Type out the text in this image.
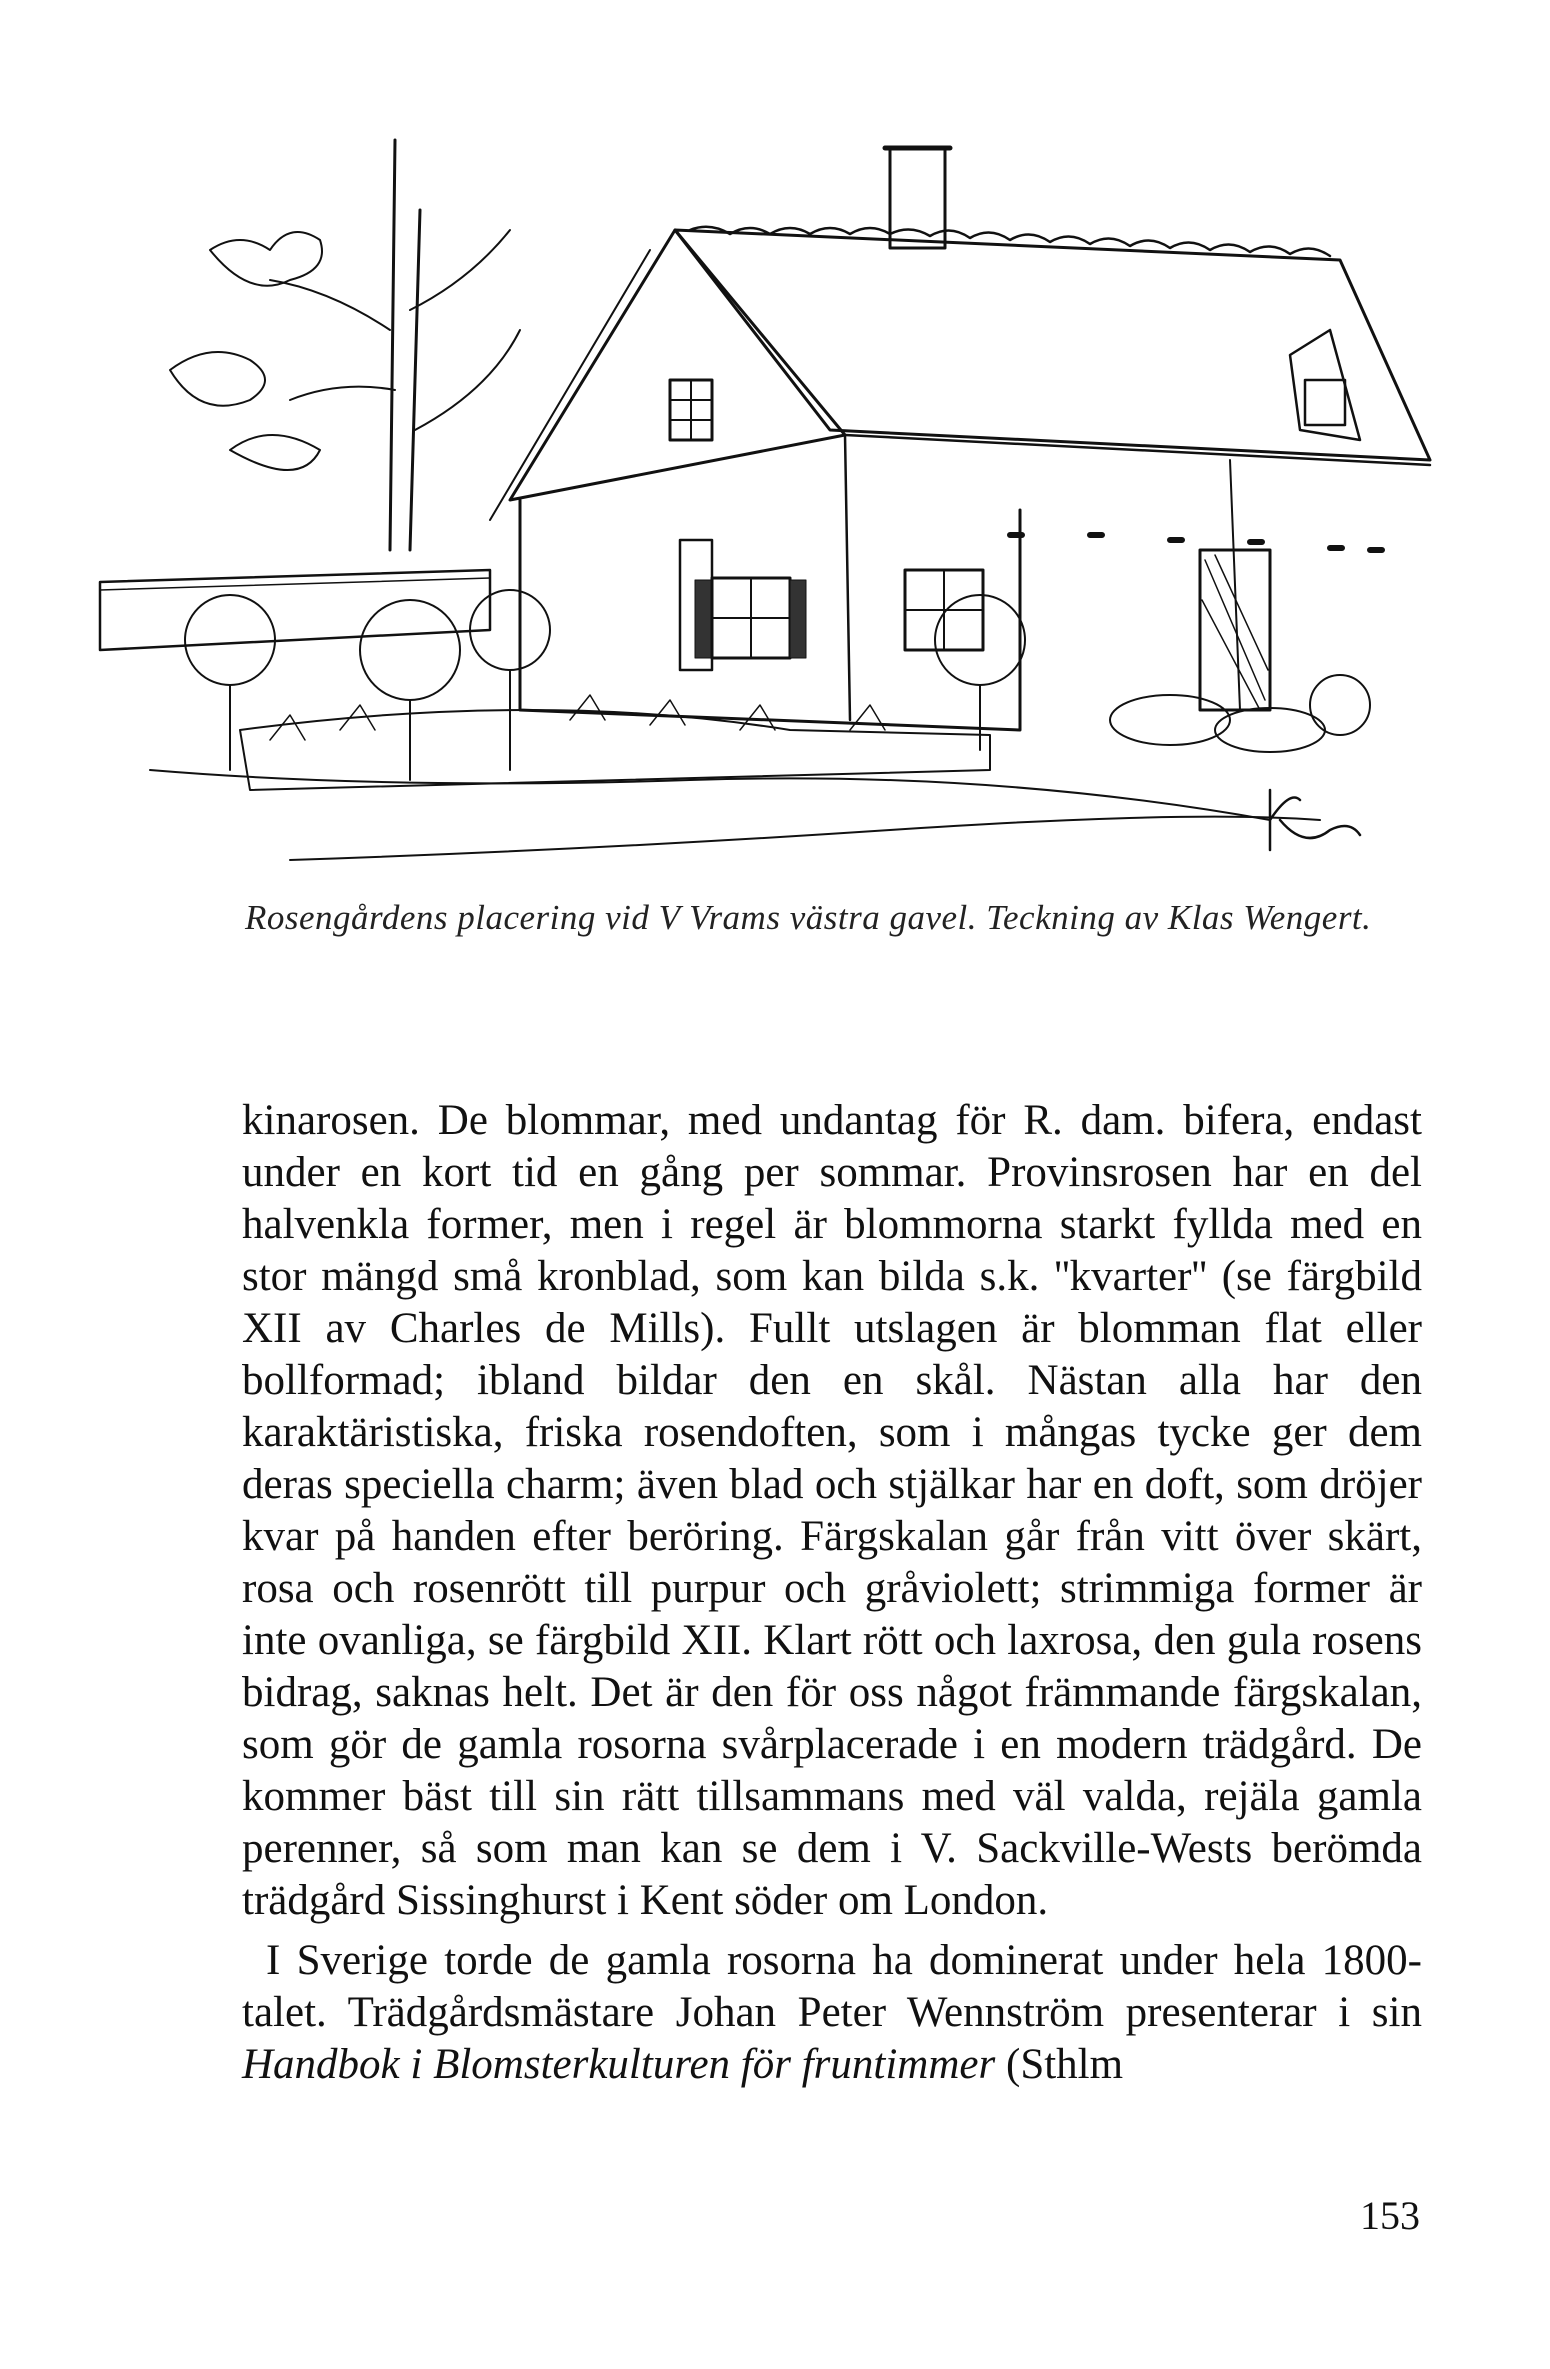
Rosengårdens placering vid V Vrams västra gavel. Teckning av Klas Wengert.

kinarosen. De blommar, med undantag för R. dam. bifera, endast under en kort tid en gång per sommar. Provinsrosen har en del halvenkla former, men i regel är blommorna starkt fyllda med en stor mängd små kronblad, som kan bilda s.k. ''kvarter'' (se färgbild XII av Charles de Mills). Fullt utslagen är blomman flat eller bollformad; ibland bildar den en skål. Nästan alla har den karaktäristiska, friska rosendoften, som i mångas tycke ger dem deras speciella charm; även blad och stjälkar har en doft, som dröjer kvar på handen efter beröring. Färgskalan går från vitt över skärt, rosa och rosenrött till purpur och gråviolett; strimmiga former är inte ovanliga, se färgbild XII. Klart rött och laxrosa, den gula rosens bidrag, saknas helt. Det är den för oss något främmande färgskalan, som gör de gamla rosorna svårplacerade i en modern trädgård. De kommer bäst till sin rätt tillsammans med väl valda, rejäla gamla perenner, så som man kan se dem i V. Sackville-Wests berömda trädgård Sissinghurst i Kent söder om London.

I Sverige torde de gamla rosorna ha dominerat under hela 1800-talet. Trädgårdsmästare Johan Peter Wennström presenterar i sin Handbok i Blomsterkulturen för fruntimmer (Sthlm

153
